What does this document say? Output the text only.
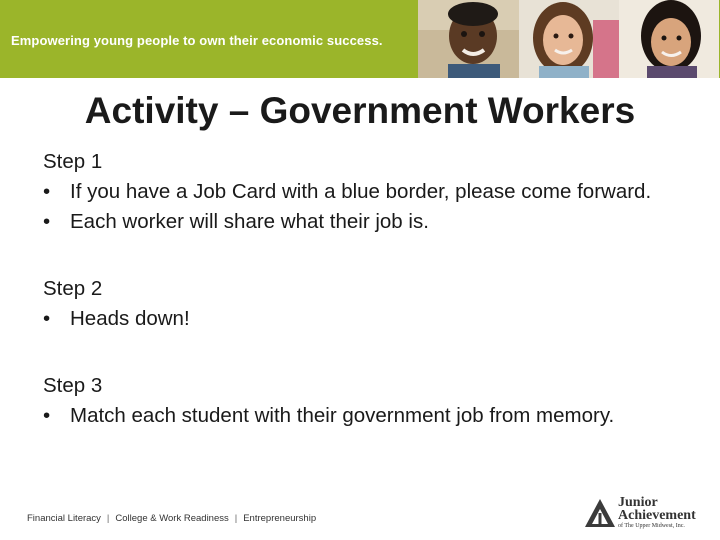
Empowering young people to own their economic success.
Activity – Government Workers

Step 1

• If you have a Job Card with a blue border, please come forward.
• Each worker will share what their job is.

Step 2

• Heads down!

Step 3

• Match each student with their government job from memory.
Financial Literacy | College & Work Readiness | Entrepreneurship
Junior
Achievement
of The Upper Midwest, Inc.
